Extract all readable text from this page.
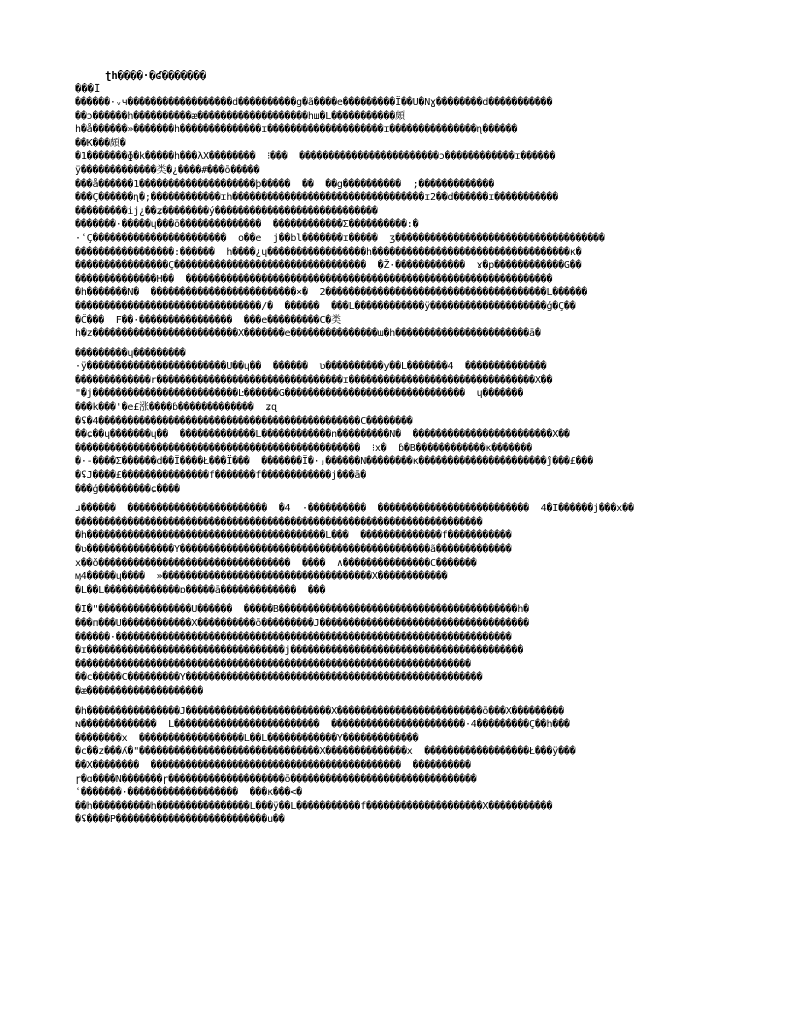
ʈh����·�ʛ�������
���Ï
������·ᵥч������������������d����������g�ã����e���������Ï��U�Nɣ��������d�����������
��ɔ������h����������æ�������������������hш�L�����������頗
h�å������»�������h��������������ɪ��������������������ɪ���������������ɳ������
��K���頗�
�1�������ɸ�k�����h���λX��������  ⁝���  ������������������������ɔ������������ɪ������
ÿ�������������类�¿����#���ō�����
���å������1��������������������þ�����  ��  ��g����������  ;�������������
���Ç������ɳ�;������������ɪh���������������������������������ɪ2��d������ɪ�����������
���������ij¿��ʑ��������ý����������������������������
�������·�����ɥ���ō��������������  ������������Σ����������:�
·ʿÇ�����������������������  o��e  j��bl�������ɪ�����  ʒ������������������������������������
�����������������:������  h����¿ɥ�����������������h����������������������������������κ�
����������������Ç���������������������������������  �Ž·������������  ɤ�p������������G��
��������������H��  ���������������������������������������������������������������
�h�������N�  �������������������������×�  2��������������������������������������L������
��������������������������������/�  ������  ���L������������ÿ��������������������ģ�Ç��
�Ĉ���  F��·����������������  ���e���������C�类
h�z�������������������������X�������e���������������ɯ�h�����������������������ā�
���������ɥ���������
·ÿ������������������������U��ɥ��  ������  ʋ����������y��L�������4  ��������������
�������������r��������������������������������ɪ��������������������������������X��
"�j�������������������������Ŀ������G�������������������������������  ɥ�������
���k���'�e£涨����ɓ�������������  ʑɋ
�ʢ�4���������������������������������������������C��������
��ɕ��ɥ�������ɥ��  �������������L������������n���������N�  ������������������������X��
�������������������������������������������������  ⁝x�  ɓ�B������������κ�������
�·-����Σ������d��Ï����Ł���Ï���  �������Ï�·ⱼ������N��������κ����������������������ĵ���£���
�ʢJ����£���������������f�������f������������j���ā�
���ģ���������ɕ����
ɹ������  ������������������������  �4  ·����������  ��������������������������  4�I������j���x��
����������������������������������������������������������������������
�h�����������������������������������������L���  ��������������f�����������
�ʋ���������������Y�������������������������������������������ã�������������
x��ǒ���������������������������������  ����  ∧���������������C�������
ӎ4�����ɥ����  »������������������������������������X������������
�L��L�������������ɒ�����ā�������������  ���
�I�"����������������U������  �����B�����������������������������������������h�
���п���U������������X����������ō���������J������������������������������������
������·��������������������������������������������������������������������
�ɪ����������������������������������j����������������������������������������
��������������������������������������������������������������������
��c�����C���������Y���������������������������������������������������
�æ��������������������
�h����������������J�������������������������X�������������������������ō���X���������
ɴ�������������  L�������������������������  �����������������������·4���������Ç��h���
��������x  ������������������L��L������������Y�������������
�c��z���ʎ�"�������������������������������X��������������x  ������������������Ł���ÿ���
��X��������  �������������������������������������������  ����������
ɼ�ɑ����N�������ɼ��������������������ō��������������������������������
ʿ�������·�������������������  ���κ���<�
��h����������h����������������L���ÿ��L�����������f��������������������X�����������
�ʢ����P��������������������������u��
